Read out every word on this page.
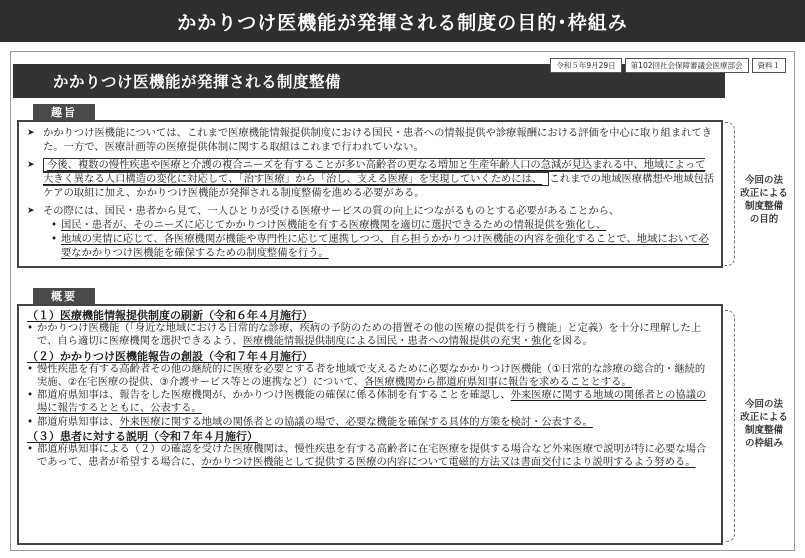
かかりつけ医機能が発揮される制度の目的･枠組み
かかりつけ医機能が発揮される制度整備
令和５年9月29日	第102回社会保障審議会医療部会	資料１
趣旨
➤ かかりつけ医機能については、これまで医療機能情報提供制度における国民・患者への情報提供や診療報酬における評価を中心に取り組まれてきた。一方で、医療計画等の医療提供体制に関する取組はこれまで行われていない。
➤ 今後、複数の慢性疾患や医療と介護の複合ニーズを有することが多い高齢者の更なる増加と生産年齢人口の急減が見込まれる中、地域によって大きく異なる人口構造の変化に対応して、「治す医療」から「治し、支える医療」を実現していくためには、 これまでの地域医療構想や地域包括ケアの取組に加え、かかりつけ医機能が発揮される制度整備を進める必要がある。
➤ その際には、国民・患者から見て、一人ひとりが受ける医療サービスの質の向上につながるものとする必要があることから、
• 国民・患者が、そのニーズに応じてかかりつけ医機能を有する医療機関を適切に選択できるための情報提供を強化し、
• 地域の実情に応じて、各医療機関が機能や専門性に応じて連携しつつ、自ら担うかかりつけ医機能の内容を強化することで、地域において必要なかかりつけ医機能を確保するための制度整備を行う。
今回の法
改正による
制度整備
の目的
概要
（１）医療機能情報提供制度の刷新（令和６年４月施行）
• かかりつけ医機能（「身近な地域における日常的な診療、疾病の予防のための措置その他の医療の提供を行う機能」と定義）を十分に理解した上で、自ら適切に医療機関を選択できるよう、医療機能情報提供制度による国民・患者への情報提供の充実・強化を図る。
（２）かかりつけ医機能報告の創設（令和７年４月施行）
• 慢性疾患を有する高齢者その他の継続的に医療を必要とする者を地域で支えるために必要なかかりつけ医機能（①日常的な診療の総合的・継続的実施、②在宅医療の提供、③介護サービス等との連携など）について、各医療機関から都道府県知事に報告を求めることとする。
• 都道府県知事は、報告をした医療機関が、かかりつけ医機能の確保に係る体制を有することを確認し、外来医療に関する地域の関係者との協議の場に報告するとともに、公表する。
• 都道府県知事は、外来医療に関する地域の関係者との協議の場で、必要な機能を確保する具体的方策を検討・公表する。
（３）患者に対する説明（令和７年４月施行）
• 都道府県知事による（２）の確認を受けた医療機関は、慢性疾患を有する高齢者に在宅医療を提供する場合など外来医療で説明が特に必要な場合であって、患者が希望する場合に、かかりつけ医機能として提供する医療の内容について電磁的方法又は書面交付により説明するよう努める。
今回の法
改正による
制度整備
の枠組み
